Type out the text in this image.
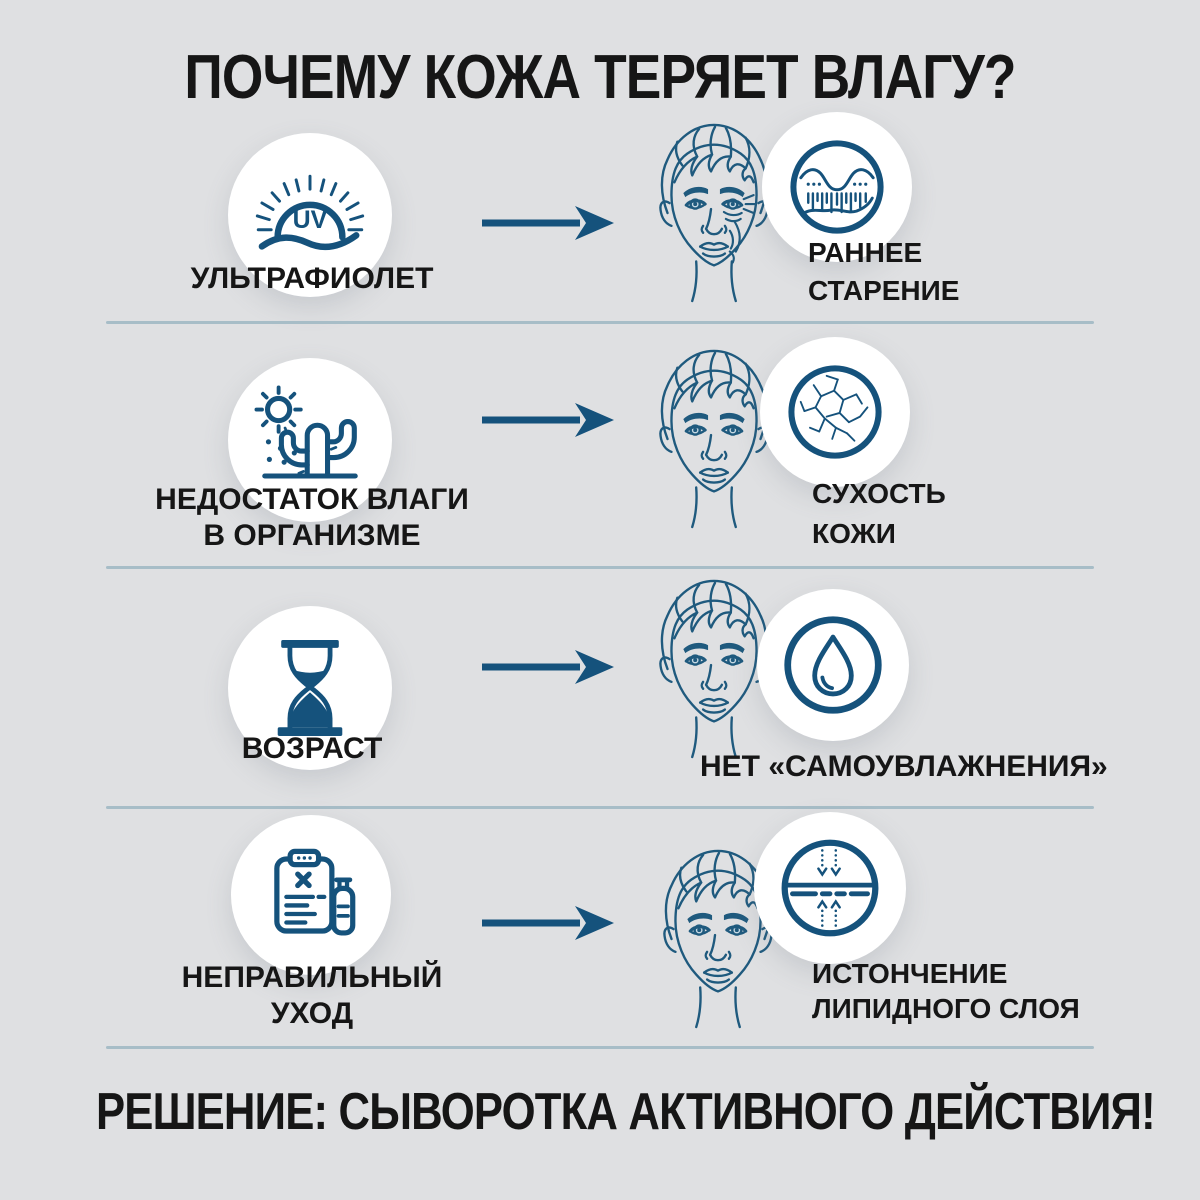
ПОЧЕМУ КОЖА ТЕРЯЕТ ВЛАГУ?
UV
УЛЬТРАФИОЛЕТ
РАННЕЕ
СТАРЕНИЕ
НЕДОСТАТОК ВЛАГИ
В ОРГАНИЗМЕ
СУХОСТЬ
КОЖИ
ВОЗРАСТ
НЕТ «САМОУВЛАЖНЕНИЯ»
НЕПРАВИЛЬНЫЙ
УХОД
ИСТОНЧЕНИЕ
ЛИПИДНОГО СЛОЯ
РЕШЕНИЕ: СЫВОРОТКА АКТИВНОГО ДЕЙСТВИЯ!
